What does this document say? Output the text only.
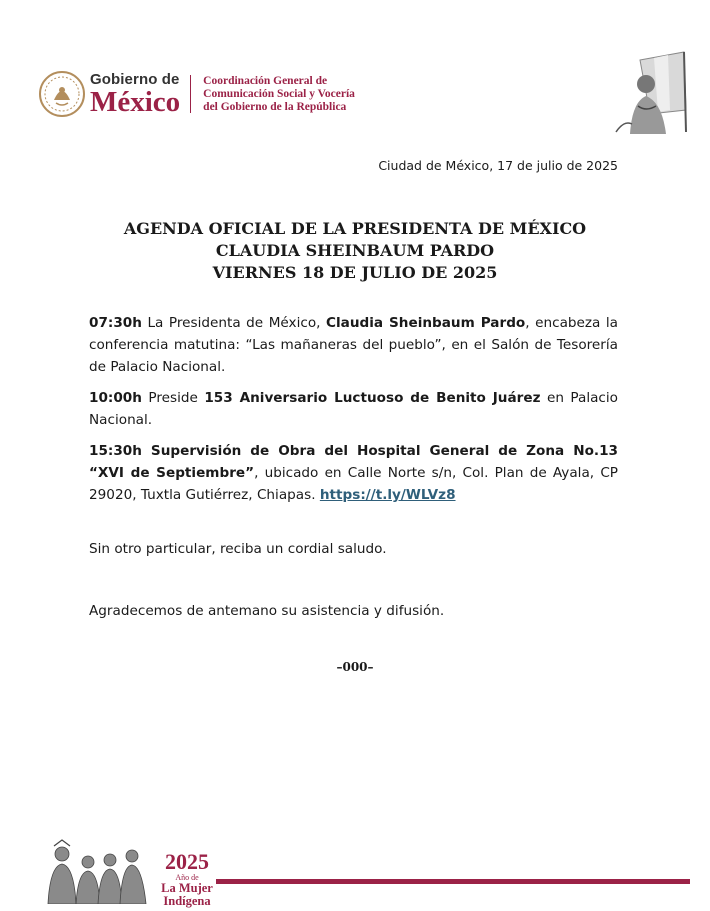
Gobierno de
México
Coordinación General de
Comunicación Social y Vocería
del Gobierno de la República
Ciudad de México, 17 de julio de 2025
AGENDA OFICIAL DE LA PRESIDENTA DE MÉXICO
CLAUDIA SHEINBAUM PARDO
VIERNES 18 DE JULIO DE 2025

07:30h La Presidenta de México, Claudia Sheinbaum Pardo, encabeza la conferencia matutina: “Las mañaneras del pueblo”, en el Salón de Tesorería de Palacio Nacional.

10:00h Preside 153 Aniversario Luctuoso de Benito Juárez en Palacio Nacional.

15:30h Supervisión de Obra del Hospital General de Zona No.13 “XVI de Septiembre”, ubicado en Calle Norte s/n, Col. Plan de Ayala, CP 29020, Tuxtla Gutiérrez, Chiapas. https://t.ly/WLVz8

Sin otro particular, reciba un cordial saludo.
Agradecemos de antemano su asistencia y difusión.
–000–
2025
Año de
La Mujer
Indígena
